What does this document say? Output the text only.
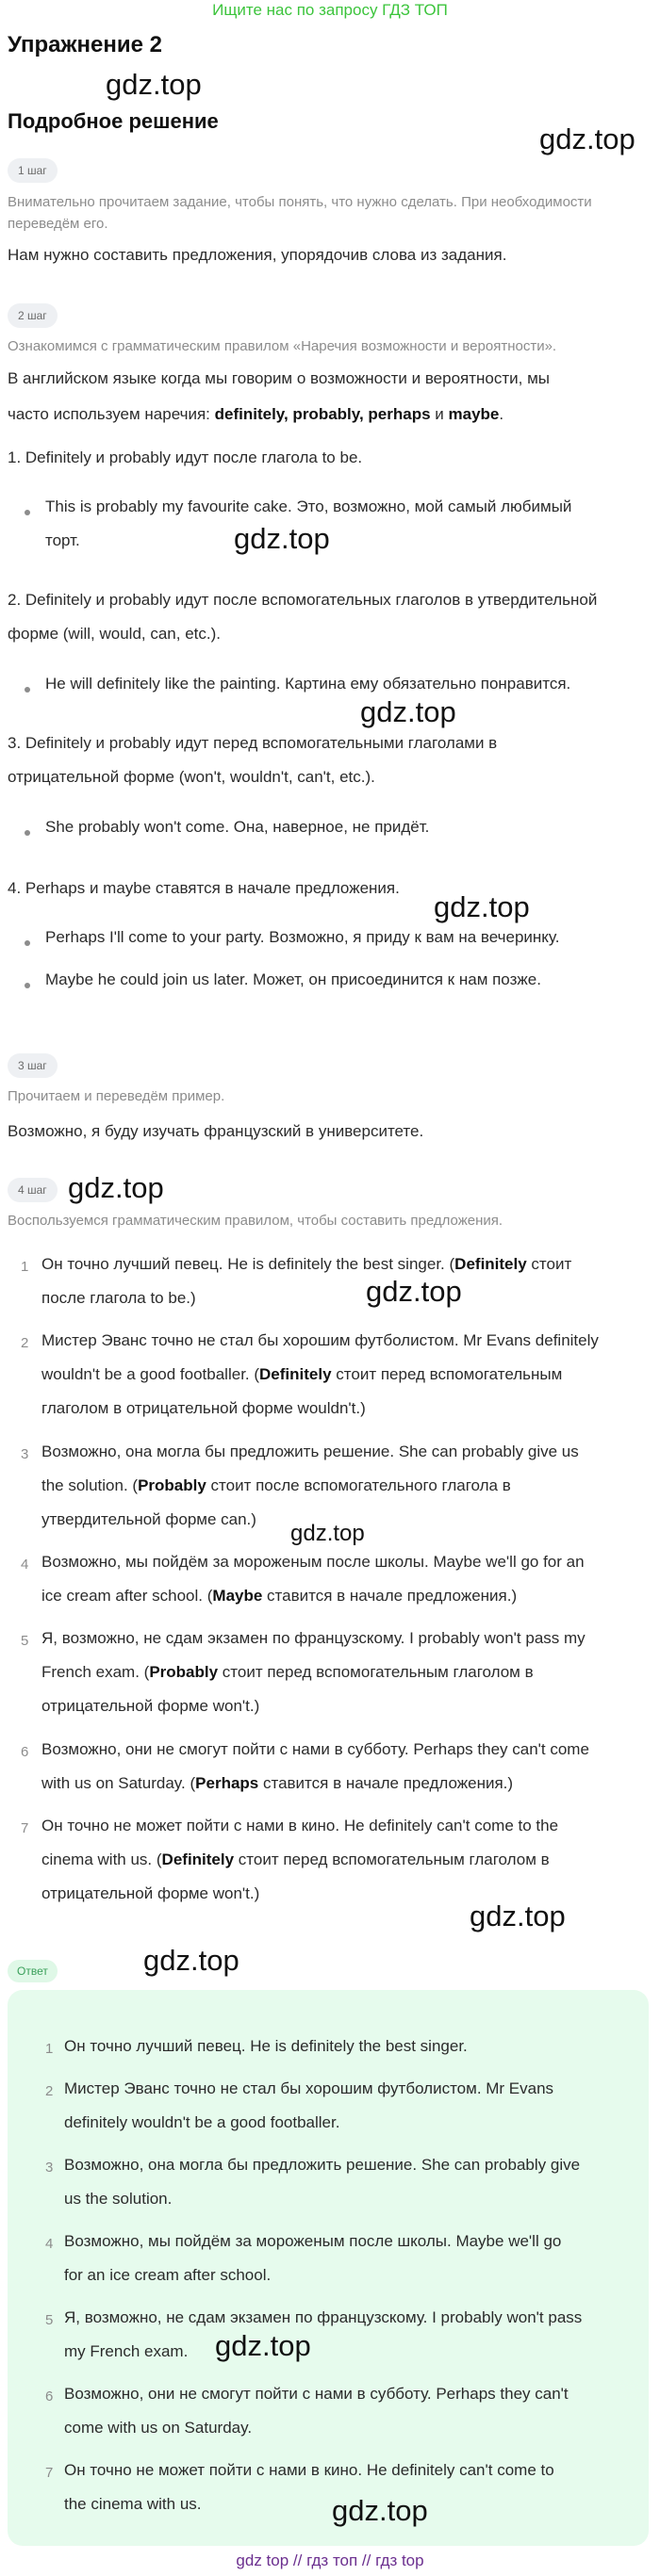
Ищите нас по запросу ГДЗ ТОП
Упражнение 2
Подробное решение
1 шаг
Внимательно прочитаем задание, чтобы понять, что нужно сделать. При необходимости переведём его.
Нам нужно составить предложения, упорядочив слова из задания.
2 шаг
Ознакомимся с грамматическим правилом «Наречия возможности и вероятности».
В английском языке когда мы говорим о возможности и вероятности, мы
часто используем наречия: definitely, probably, perhaps и maybe.
1. Definitely и probably идут после глагола to be.
This is probably my favourite cake. Это, возможно, мой самый любимый
торт.
2. Definitely и probably идут после вспомогательных глаголов в утвердительной
форме (will, would, can, etc.).
He will definitely like the painting. Картина ему обязательно понравится.
3. Definitely и probably идут перед вспомогательными глаголами в
отрицательной форме (won't, wouldn't, can't, etc.).
She probably won't come. Она, наверное, не придёт.
4. Perhaps и maybe ставятся в начале предложения.
Perhaps I'll come to your party. Возможно, я приду к вам на вечеринку.
Maybe he could join us later. Может, он присоединится к нам позже.
3 шаг
Прочитаем и переведём пример.
Возможно, я буду изучать французский в университете.
4 шаг
Воспользуемся грамматическим правилом, чтобы составить предложения.
1 Он точно лучший певец. He is definitely the best singer. (Definitely стоит
после глагола to be.)
2 Мистер Эванс точно не стал бы хорошим футболистом. Mr Evans definitely
wouldn't be a good footballer. (Definitely стоит перед вспомогательным
глаголом в отрицательной форме wouldn't.)
3 Возможно, она могла бы предложить решение. She can probably give us
the solution. (Probably стоит после вспомогательного глагола в
утвердительной форме can.)
4 Возможно, мы пойдём за мороженым после школы. Maybe we'll go for an
ice cream after school. (Maybe ставится в начале предложения.)
5 Я, возможно, не сдам экзамен по французскому. I probably won't pass my
French exam. (Probably стоит перед вспомогательным глаголом в
отрицательной форме won't.)
6 Возможно, они не смогут пойти с нами в субботу. Perhaps they can't come
with us on Saturday. (Perhaps ставится в начале предложения.)
7 Он точно не может пойти с нами в кино. He definitely can't come to the
cinema with us. (Definitely стоит перед вспомогательным глаголом в
отрицательной форме won't.)
Ответ
1 Он точно лучший певец. He is definitely the best singer.
2 Мистер Эванс точно не стал бы хорошим футболистом. Mr Evans
definitely wouldn't be a good footballer.
3 Возможно, она могла бы предложить решение. She can probably give
us the solution.
4 Возможно, мы пойдём за мороженым после школы. Maybe we'll go
for an ice cream after school.
5 Я, возможно, не сдам экзамен по французскому. I probably won't pass
my French exam.
6 Возможно, они не смогут пойти с нами в субботу. Perhaps they can't
come with us on Saturday.
7 Он точно не может пойти с нами в кино. He definitely can't come to
the cinema with us.
gdz.top
gdz.top
gdz.top
gdz.top
gdz.top
gdz.top
gdz.top
gdz.top
gdz.top
gdz.top
gdz.top
gdz.top
gdz top // гдз топ // гдз top
